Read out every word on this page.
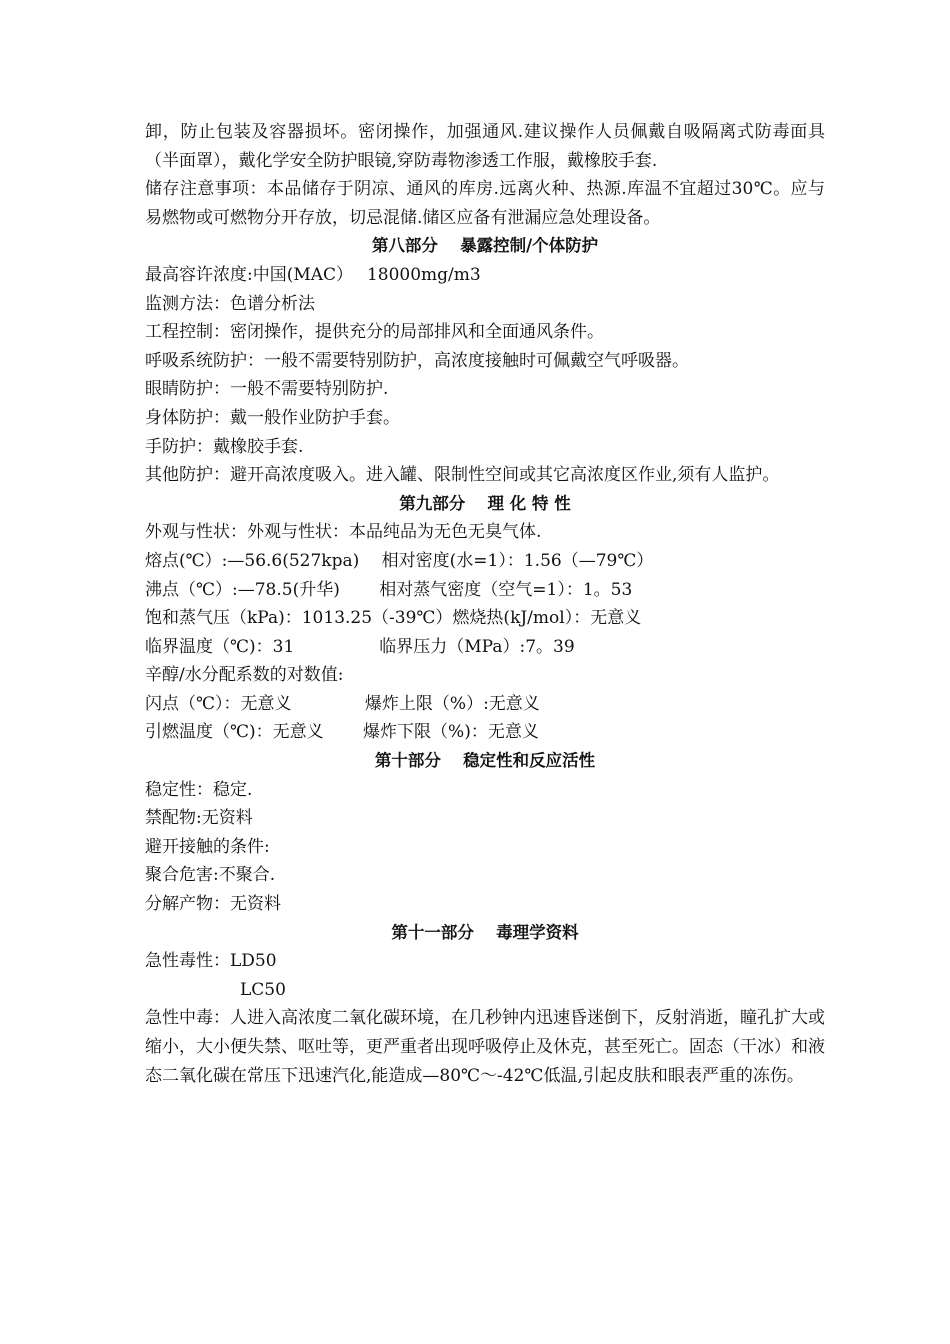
卸，防止包装及容器损坏。密闭操作，加强通风.建议操作人员佩戴自吸隔离式防毒面具（半面罩），戴化学安全防护眼镜,穿防毒物渗透工作服，戴橡胶手套.

储存注意事项：本品储存于阴凉、通风的库房.远离火种、热源.库温不宜超过30℃。应与易燃物或可燃物分开存放，切忌混储.储区应备有泄漏应急处理设备。

第八部分　 暴露控制/个体防护

最高容许浓度:中国(MAC）　 18000mg/m3

监测方法：色谱分析法

工程控制：密闭操作，提供充分的局部排风和全面通风条件。

呼吸系统防护：一般不需要特别防护，高浓度接触时可佩戴空气呼吸器。

眼睛防护：一般不需要特别防护.

身体防护：戴一般作业防护手套。

手防护：戴橡胶手套.

其他防护：避开高浓度吸入。进入罐、限制性空间或其它高浓度区作业,须有人监护。

第九部分　 理 化 特 性

外观与性状：外观与性状：本品纯品为无色无臭气体.

熔点(℃）:—56.6(527kpa)　 相对密度(水=1）：1.56（—79℃）

沸点（℃）:—78.5(升华)　　 相对蒸气密度（空气=1）：1。53

饱和蒸气压（kPa)：1013.25（-39℃）燃烧热(kJ/mol）：无意义

临界温度（℃)：31　　　　　临界压力（MPa）:7。39

辛醇/水分配系数的对数值:

闪点（℃）：无意义　　　　 爆炸上限（%）:无意义

引燃温度（℃)：无意义　　 爆炸下限（%)：无意义

第十部分　 稳定性和反应活性

稳定性：稳定.

禁配物:无资料

避开接触的条件:

聚合危害:不聚合.

分解产物：无资料

第十一部分　 毒理学资料

急性毒性：LD50

LC50

急性中毒：人进入高浓度二氧化碳环境，在几秒钟内迅速昏迷倒下，反射消逝，瞳孔扩大或缩小，大小便失禁、呕吐等，更严重者出现呼吸停止及休克，甚至死亡。固态（干冰）和液态二氧化碳在常压下迅速汽化,能造成—80℃～-42℃低温,引起皮肤和眼表严重的冻伤。
